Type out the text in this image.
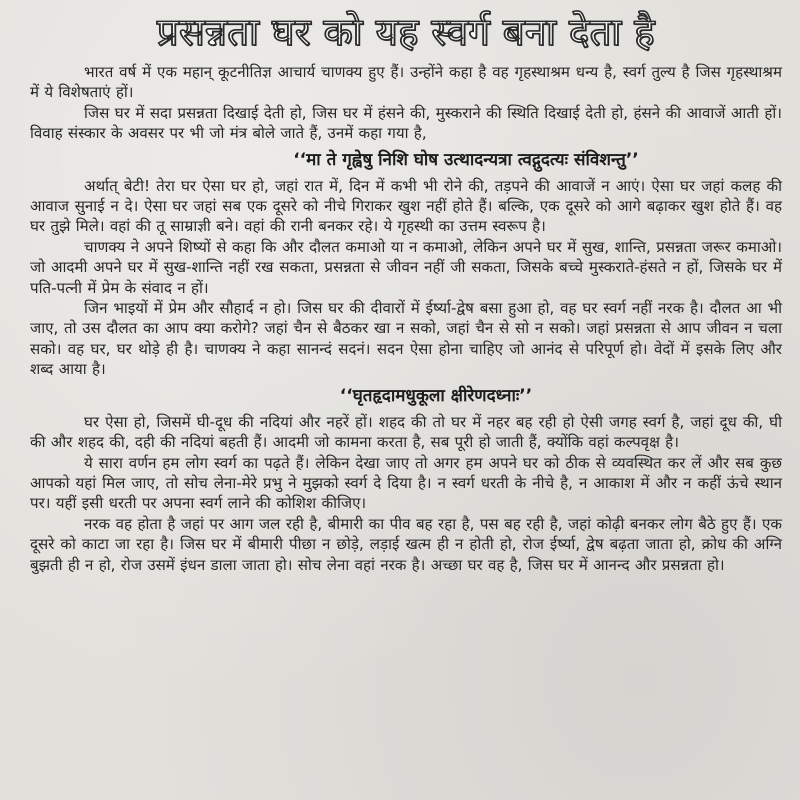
प्रसन्नता घर को यह स्वर्ग बना देता है

भारत वर्ष में एक महान् कूटनीतिज्ञ आचार्य चाणक्य हुए हैं। उन्होंने कहा है वह गृहस्थाश्रम धन्य है, स्वर्ग तुल्य है जिस गृहस्थाश्रम में ये विशेषताएं हों।

जिस घर में सदा प्रसन्नता दिखाई देती हो, जिस घर में हंसने की, मुस्कराने की स्थिति दिखाई देती हो, हंसने की आवाजें आती हों। विवाह संस्कार के अवसर पर भी जो मंत्र बोले जाते हैं, उनमें कहा गया है,

‘‘मा ते गृह्वेषु निशि घोष उत्थादन्यत्रा त्वद्गुदत्यः संविशन्तु’’

अर्थात् बेटी! तेरा घर ऐसा घर हो, जहां रात में, दिन में कभी भी रोने की, तड़पने की आवाजें न आएं। ऐसा घर जहां कलह की आवाज सुनाई न दे। ऐसा घर जहां सब एक दूसरे को नीचे गिराकर खुश नहीं होते हैं। बल्कि, एक दूसरे को आगे बढ़ाकर खुश होते हैं। वह घर तुझे मिले। वहां की तू साम्राज्ञी बने। वहां की रानी बनकर रहे। ये गृहस्थी का उत्तम स्वरूप है।

चाणक्य ने अपने शिष्यों से कहा कि और दौलत कमाओ या न कमाओ, लेकिन अपने घर में सुख, शान्ति, प्रसन्नता जरूर कमाओ। जो आदमी अपने घर में सुख-शान्ति नहीं रख सकता, प्रसन्नता से जीवन नहीं जी सकता, जिसके बच्चे मुस्कराते-हंसते न हों, जिसके घर में पति-पत्नी में प्रेम के संवाद न हों।

जिन भाइयों में प्रेम और सौहार्द न हो। जिस घर की दीवारों में ईर्ष्या-द्वेष बसा हुआ हो, वह घर स्वर्ग नहीं नरक है। दौलत आ भी जाए, तो उस दौलत का आप क्या करोगे? जहां चैन से बैठकर खा न सको, जहां चैन से सो न सको। जहां प्रसन्नता से आप जीवन न चला सको। वह घर, घर थोड़े ही है। चाणक्य ने कहा सानन्दं सदनं। सदन ऐसा होना चाहिए जो आनंद से परिपूर्ण हो। वेदों में इसके लिए और शब्द आया है।

‘‘घृतहृदामधुकूला क्षीरेणदध्नाः’’

घर ऐसा हो, जिसमें घी-दूध की नदियां और नहरें हों। शहद की तो घर में नहर बह रही हो ऐसी जगह स्वर्ग है, जहां दूध की, घी की और शहद की, दही की नदियां बहती हैं। आदमी जो कामना करता है, सब पूरी हो जाती हैं, क्योंकि वहां कल्पवृक्ष है।

ये सारा वर्णन हम लोग स्वर्ग का पढ़ते हैं। लेकिन देखा जाए तो अगर हम अपने घर को ठीक से व्यवस्थित कर लें और सब कुछ आपको यहां मिल जाए, तो सोच लेना-मेरे प्रभु ने मुझको स्वर्ग दे दिया है। न स्वर्ग धरती के नीचे है, न आकाश में और न कहीं ऊंचे स्थान पर। यहीं इसी धरती पर अपना स्वर्ग लाने की कोशिश कीजिए।

नरक वह होता है जहां पर आग जल रही है, बीमारी का पीव बह रहा है, पस बह रही है, जहां कोढ़ी बनकर लोग बैठे हुए हैं। एक दूसरे को काटा जा रहा है। जिस घर में बीमारी पीछा न छोड़े, लड़ाई खत्म ही न होती हो, रोज ईर्ष्या, द्वेष बढ़ता जाता हो, क्रोध की अग्नि बुझती ही न हो, रोज उसमें इंधन डाला जाता हो। सोच लेना वहां नरक है। अच्छा घर वह है, जिस घर में आनन्द और प्रसन्नता हो।
